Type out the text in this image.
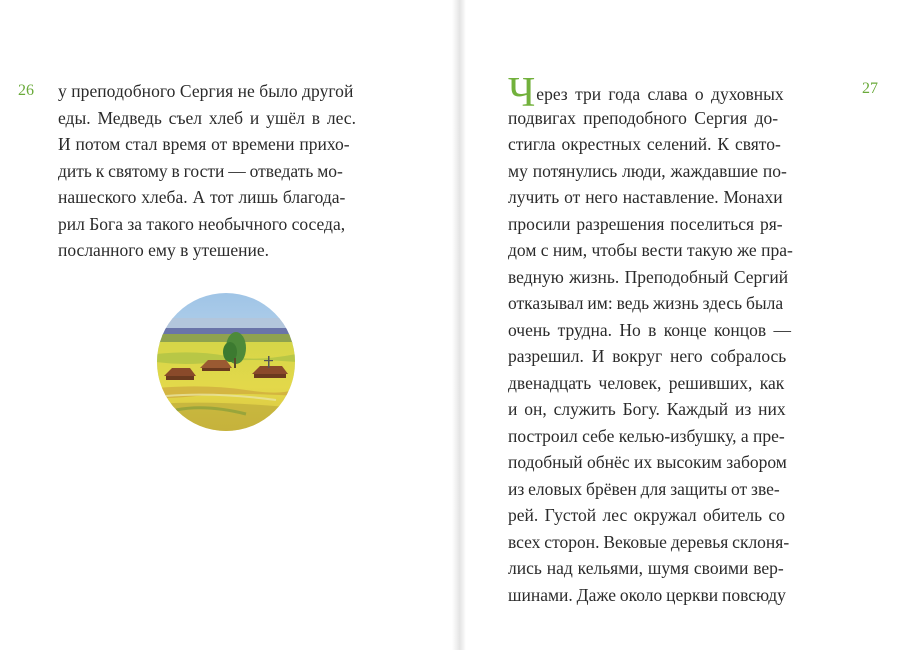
26 у преподобного Сергия не было другой
еды. Медведь съел хлеб и ушёл в лес.
И потом стал время от времени прихо-
дить к святому в гости — отведать мо-
нашеского хлеба. А тот лишь благода-
рил Бога за такого необычного соседа,
посланного ему в утешение.
27
Через три года слава о духовных
подвигах преподобного Сергия до-
стигла окрестных селений. К свято-
му потянулись люди, жаждавшие по-
лучить от него наставление. Монахи
просили разрешения поселиться ря-
дом с ним, чтобы вести такую же пра-
ведную жизнь. Преподобный Сергий
отказывал им: ведь жизнь здесь была
очень трудна. Но в конце концов —
разрешил. И вокруг него собралось
двенадцать человек, решивших, как
и он, служить Богу. Каждый из них
построил себе келью-избушку, а пре-
подобный обнёс их высоким забором
из еловых брёвен для защиты от зве-
рей. Густой лес окружал обитель со
всех сторон. Вековые деревья склоня-
лись над кельями, шумя своими вер-
шинами. Даже около церкви повсюду
